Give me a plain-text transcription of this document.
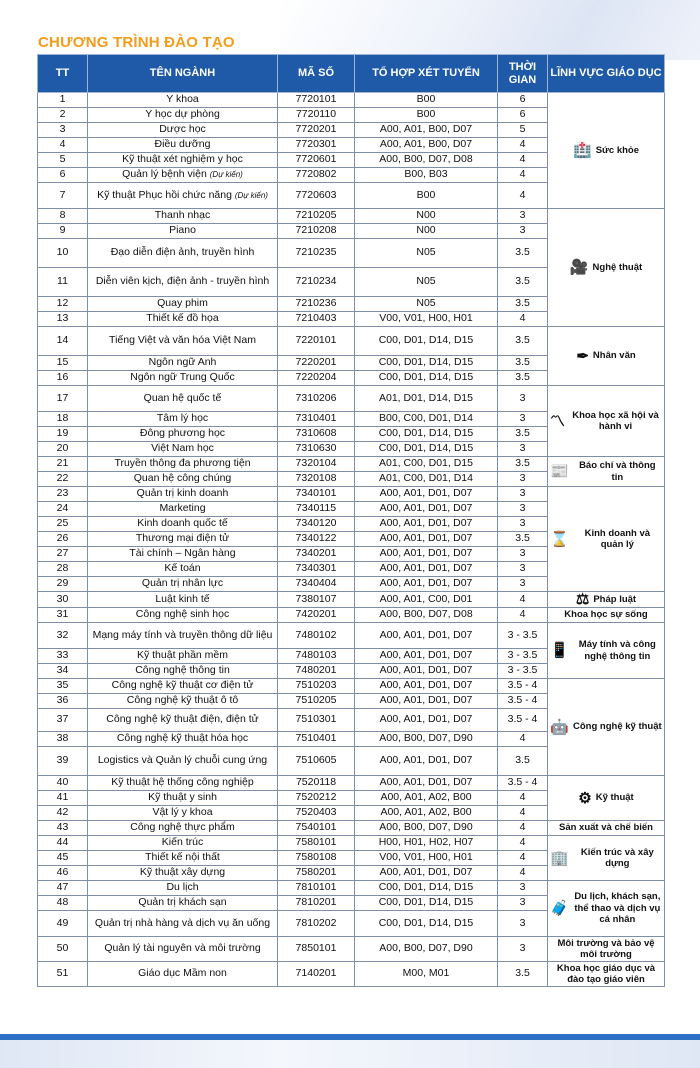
CHƯƠNG TRÌNH ĐÀO TẠO
TT	TÊN NGÀNH	MÃ SỐ	TỔ HỢP XÉT TUYỂN	THỜI GIAN	LĨNH VỰC GIÁO DỤC
1	Y khoa	7720101	B00	6	🏥 Sức khỏe

2	Y học dự phòng	7720110	B00	6	
3	Dược học	7720201	A00, A01, B00, D07	5	
4	Điều dưỡng	7720301	A00, A01, B00, D07	4	
5	Kỹ thuật xét nghiệm y học	7720601	A00, B00, D07, D08	4	
6	Quản lý bệnh viện (Dự kiến)	7720802	B00, B03	4	
7	Kỹ thuật Phục hồi chức năng (Dự kiến)	7720603	B00	4	
8	Thanh nhạc	7210205	N00	3	🎥 Nghệ thuật

9	Piano	7210208	N00	3	
10	Đạo diễn điện ảnh, truyền hình	7210235	N05	3.5	
11	Diễn viên kịch, điện ảnh - truyền hình	7210234	N05	3.5	
12	Quay phim	7210236	N05	3.5	
13	Thiết kế đồ họa	7210403	V00, V01, H00, H01	4	
14	Tiếng Việt và văn hóa Việt Nam	7220101	C00, D01, D14, D15	3.5	✒ Nhân văn

15	Ngôn ngữ Anh	7220201	C00, D01, D14, D15	3.5	
16	Ngôn ngữ Trung Quốc	7220204	C00, D01, D14, D15	3.5	
17	Quan hệ quốc tế	7310206	A01, D01, D14, D15	3	〽 Khoa học xã hội và hành vi

18	Tâm lý học	7310401	B00, C00, D01, D14	3	
19	Đông phương học	7310608	C00, D01, D14, D15	3.5	
20	Việt Nam học	7310630	C00, D01, D14, D15	3	
21	Truyền thông đa phương tiện	7320104	A01, C00, D01, D15	3.5	📰 Báo chí và thông tin

22	Quan hệ công chúng	7320108	A01, C00, D01, D14	3	
23	Quản trị kinh doanh	7340101	A00, A01, D01, D07	3	⌛ Kinh doanh và quản lý

24	Marketing	7340115	A00, A01, D01, D07	3	
25	Kinh doanh quốc tế	7340120	A00, A01, D01, D07	3	
26	Thương mại điện tử	7340122	A00, A01, D01, D07	3.5	
27	Tài chính – Ngân hàng	7340201	A00, A01, D01, D07	3	
28	Kế toán	7340301	A00, A01, D01, D07	3	
29	Quản trị nhân lực	7340404	A00, A01, D01, D07	3	
30	Luật kinh tế	7380107	A00, A01, C00, D01	4	⚖ Pháp luật

31	Công nghệ sinh học	7420201	A00, B00, D07, D08	4	Khoa học sự sống

32	Mạng máy tính và truyền thông dữ liệu	7480102	A00, A01, D01, D07	3 - 3.5	📱 Máy tính và công nghệ thông tin

33	Kỹ thuật phần mềm	7480103	A00, A01, D01, D07	3 - 3.5	
34	Công nghệ thông tin	7480201	A00, A01, D01, D07	3 - 3.5	
35	Công nghệ kỹ thuật cơ điện tử	7510203	A00, A01, D01, D07	3.5 - 4	🤖 Công nghệ kỹ thuật

36	Công nghệ kỹ thuật ô tô	7510205	A00, A01, D01, D07	3.5 - 4	
37	Công nghệ kỹ thuật điện, điện tử	7510301	A00, A01, D01, D07	3.5 - 4	
38	Công nghệ kỹ thuật hóa học	7510401	A00, B00, D07, D90	4	
39	Logistics và Quản lý chuỗi cung ứng	7510605	A00, A01, D01, D07	3.5	
40	Kỹ thuật hệ thống công nghiệp	7520118	A00, A01, D01, D07	3.5 - 4	⚙ Kỹ thuật

41	Kỹ thuật y sinh	7520212	A00, A01, A02, B00	4	
42	Vật lý y khoa	7520403	A00, A01, A02, B00	4	
43	Công nghệ thực phẩm	7540101	A00, B00, D07, D90	4	Sản xuất và chế biến

44	Kiến trúc	7580101	H00, H01, H02, H07	4	🏢 Kiến trúc và xây dựng

45	Thiết kế nội thất	7580108	V00, V01, H00, H01	4	
46	Kỹ thuật xây dựng	7580201	A00, A01, D01, D07	4	
47	Du lịch	7810101	C00, D01, D14, D15	3	🧳
Du lịch, khách sạn, thể thao và dịch vụ cá nhân

48	Quản trị khách sạn	7810201	C00, D01, D14, D15	3	
49	Quản trị nhà hàng và dịch vụ ăn uống	7810202	C00, D01, D14, D15	3	
50	Quản lý tài nguyên và môi trường	7850101	A00, B00, D07, D90	3	Môi trường và bảo vệ môi trường

51	Giáo dục Mầm non	7140201	M00, M01	3.5	Khoa học giáo dục và đào tạo giáo viên
